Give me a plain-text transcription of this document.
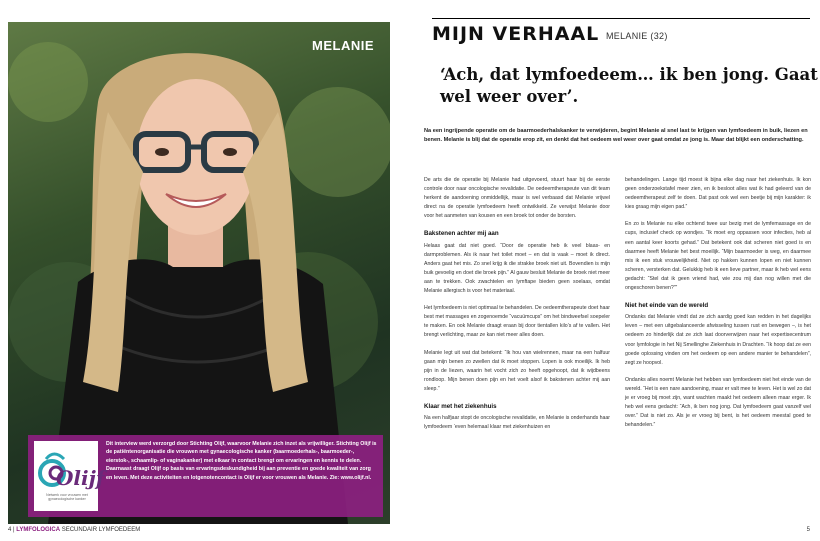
MELANIE
Olijf
Netwerk voor vrouwen met gynaecologische kanker
Dit interview werd verzorgd door Stichting Olijf, waarvoor Melanie zich inzet als vrijwilliger. Stichting Olijf is de patiëntenorganisatie die vrouwen met gynaecologische kanker (baarmoederhals-, baarmoeder-, eierstok-, schaamlip- of vaginakanker) met elkaar in contact brengt om ervaringen en kennis te delen. Daarnaast draagt Olijf op basis van ervaringsdeskundigheid bij aan preventie en goede kwaliteit van zorg en leven. Met deze activiteiten en lotgenotencontact is Olijf er voor vrouwen als Melanie. Zie: www.olijf.nl.
4 | LYMFOLOGICA SECUNDAIR LYMFOEDEEM
MIJN VERHAAL MELANIE (32)
‘Ach, dat lymfoedeem… ik ben jong. Gaat wel weer over’.
Na een ingrijpende operatie om de baarmoederhalskanker te verwijderen, begint Melanie al snel last te krijgen van lymfoedeem in buik, liezen en benen. Melanie is blij dat de operatie erop zit, en denkt dat het oedeem wel weer over gaat omdat ze jong is. Maar dat blijkt een onderschatting.

De arts die de operatie bij Melanie had uitgevoerd, stuurt haar bij de eerste controle door naar oncologische revalidatie. De oedeemtherapeute van dit team herkent de aandoening onmiddellijk, maar is wel verbaasd dat Melanie vrijwel direct na de operatie lymfoedeem heeft ontwikkeld. Ze verwijst Melanie door voor het aanmeten van kousen en een broek tot onder de borsten.

Bakstenen achter mij aan

Helaas gaat dat niet goed. “Door de operatie heb ik veel blaas- en darmproblemen. Als ik naar het toilet moet – en dat is vaak – moet ik direct. Anders gaat het mis. Zo snel krijg ik die strakke broek niet uit. Bovendien is mijn buik gevoelig en doet die broek pijn.” Al gauw besluit Melanie de broek niet meer aan te trekken. Ook zwachtelen en lymftape bieden geen soelaas, omdat Melanie allergisch is voor het materiaal.

Het lymfoedeem is niet optimaal te behandelen. De oedeemtherapeute doet haar best met massages en zogenoemde “vacuümcups” om het bindweefsel soepeler te maken. En ook Melanie draagt eraan bij door tientallen kilo’s af te vallen. Het brengt verlichting, maar ze kan niet meer alles doen.

Melanie legt uit wat dat betekent: “Ik hou van wielrennen, maar na een halfuur gaan mijn benen zo zwellen dat ik moet stoppen. Lopen is ook moeilijk. Ik heb pijn in de liezen, waarin het vocht zich zo heeft opgehoopt, dat ik wijdbeens rondloop. Mijn benen doen pijn en het voelt alsof ik bakstenen achter mij aan sleep.”

Klaar met het ziekenhuis

Na een halfjaar stopt de oncologische revalidatie, en Melanie is onderhands haar lymfoedeem ‘even helemaal klaar met ziekenhuizen en

behandelingen. Lange tijd moest ik bijna elke dag naar het ziekenhuis. Ik kon geen onderzoekstafel meer zien, en ik besloot alles wat ik had geleerd van de oedeemtherapeut zelf te doen. Dat past ook wel een beetje bij mijn karakter: ik kies graag mijn eigen pad.”

En zo is Melanie nu elke ochtend twee uur bezig met de lymfemassage en de cups, inclusief check op wondjes. “Ik moet erg oppassen voor infecties, heb al een aantal keer koorts gehad.” Dat betekent ook dat scheren niet goed is en daarmee heeft Melanie het best moeilijk. “Mijn baarmoeder is weg, en daarmee mis ik een stuk vrouwelijkheid. Niet op hakken kunnen lopen en niet kunnen scheren, versterken dat. Gelukkig heb ik een lieve partner, maar ik heb wel eens gedacht: “Stel dat ik geen vriend had, wie zou mij dan nog willen met die ongeschoren benen?””

Niet het einde van de wereld

Ondanks dat Melanie vindt dat ze zich aardig goed kan redden in het dagelijks leven – met een uitgebalanceerde afwisseling tussen rust en bewegen –, is het oedeem zo hinderlijk dat ze zich laat doorverwijzen naar het expertisecentrum voor lymfologie in het Nij Smellinghe Ziekenhuis in Drachten. “Ik hoop dat ze een goede oplossing vinden om het oedeem op een andere manier te behandelen”, zegt ze hoopvol.

Ondanks alles noemt Melanie het hebben van lymfoedeem niet het einde van de wereld. “Het is een nare aandoening, maar er valt mee te leven. Het is wel zo dat je er vroeg bij moet zijn, want wachten maakt het oedeem alleen maar erger. Ik heb wel eens gedacht: “Ach, ik ben nog jong. Dat lymfoedeem gaat vanzelf wel over.” Dat is niet zo. Als je er vroeg bij bent, is het oedeem meestal goed te behandelen.”

5
